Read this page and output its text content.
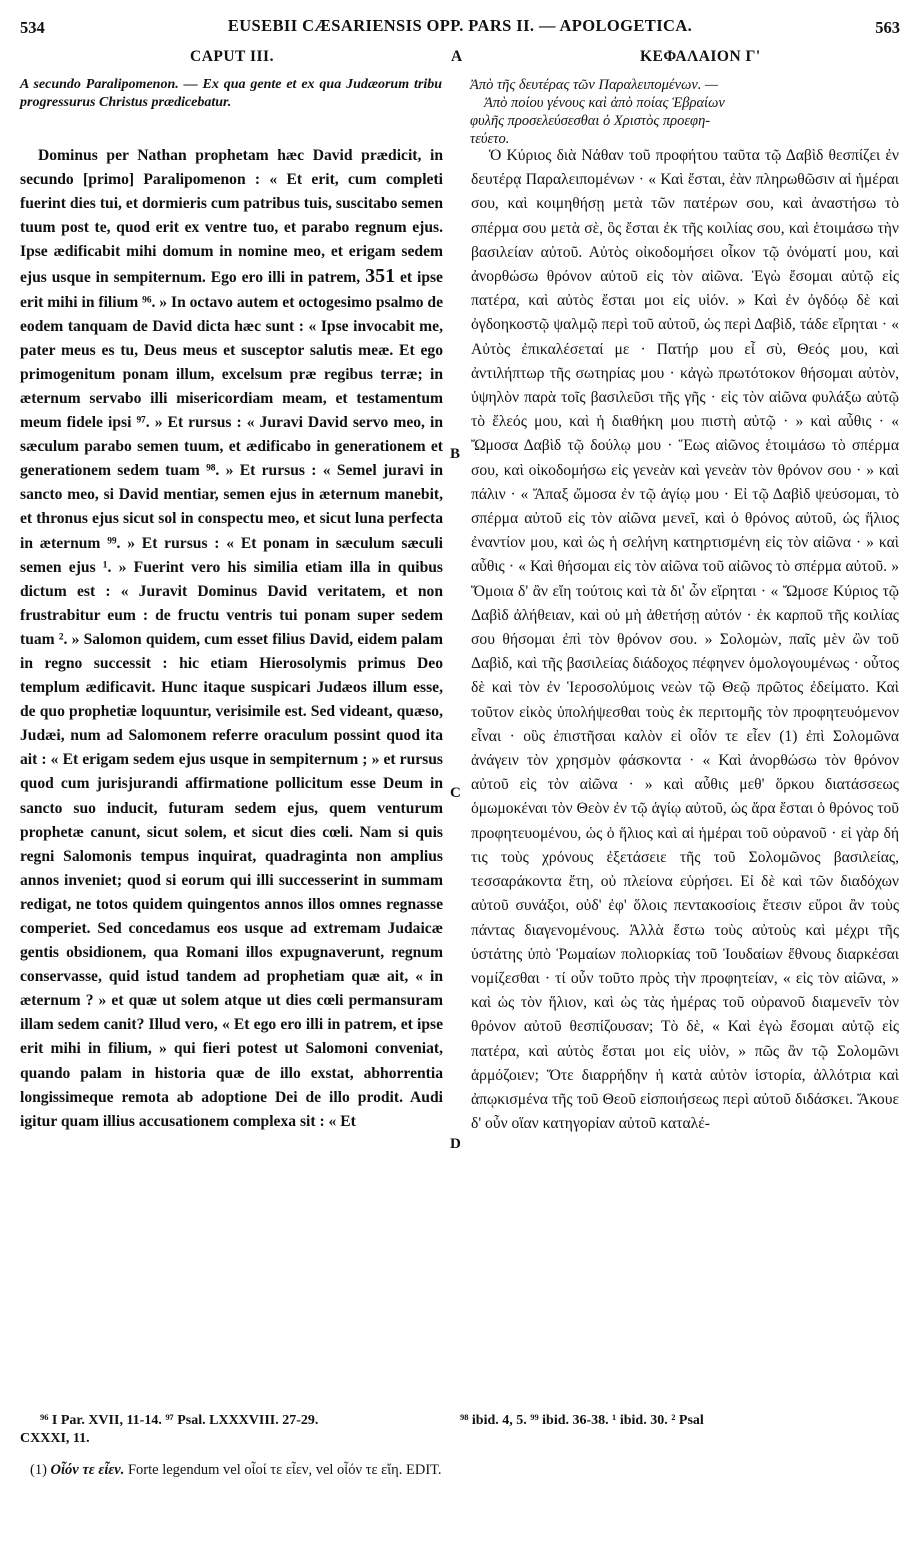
534	EUSEBII CÆSARIENSIS OPP. PARS II. — APOLOGETICA.	563
CAPUT III.	A	ΚΕΦΑΛΑΙΟΝ Γ'
A secundo Paralipomenon. — Ex qua gente et ex qua Judæorum tribu progressurus Christus prædicebatur.

Ἀπὸ τῆς δευτέρας τῶν Παραλειπομένων. —

Ἀπὸ ποίου γένους καὶ ἀπὸ ποίας Ἑβραίων

φυλῆς προσελεύσεσθαι ὁ Χριστὸς προεφη-

τεύετο.

Dominus per Nathan prophetam hæc David prædicit, in secundo [primo] Paralipomenon : « Et erit, cum completi fuerint dies tui, et dormieris cum patribus tuis, suscitabo semen tuum post te, quod erit ex ventre tuo, et parabo regnum ejus. Ipse ædificabit mihi domum in nomine meo, et erigam sedem ejus usque in sempiternum. Ego ero illi in patrem, 351 et ipse erit mihi in filium ⁹⁶. » In octavo autem et octogesimo psalmo de eodem tanquam de David dicta hæc sunt : « Ipse invocabit me, pater meus es tu, Deus meus et susceptor salutis meæ. Et ego primogenitum ponam illum, excelsum præ regibus terræ; in æternum servabo illi misericordiam meam, et testamentum meum fidele ipsi ⁹⁷. » Et rursus : « Juravi David servo meo, in sæculum parabo semen tuum, et ædificabo in generationem et generationem sedem tuam ⁹⁸. » Et rursus : « Semel juravi in sancto meo, si David mentiar, semen ejus in æternum manebit, et thronus ejus sicut sol in conspectu meo, et sicut luna perfecta in æternum ⁹⁹. » Et rursus : « Et ponam in sæculum sæculi semen ejus ¹. » Fuerint vero his similia etiam illa in quibus dictum est : « Juravit Dominus David veritatem, et non frustrabitur eum : de fructu ventris tui ponam super sedem tuam ². » Salomon quidem, cum esset filius David, eidem palam in regno successit : hic etiam Hierosolymis primus Deo templum ædificavit. Hunc itaque suspicari Judæos illum esse, de quo prophetiæ loquuntur, verisimile est. Sed videant, quæso, Judæi, num ad Salomonem referre oraculum possint quod ita ait : « Et erigam sedem ejus usque in sempiternum ; » et rursus quod cum jurisjurandi affirmatione pollicitum esse Deum in sancto suo inducit, futuram sedem ejus, quem venturum prophetæ canunt, sicut solem, et sicut dies cœli. Nam si quis regni Salomonis tempus inquirat, quadraginta non amplius annos inveniet; quod si eorum qui illi successerint in summam redigat, ne totos quidem quingentos annos illos omnes regnasse comperiet. Sed concedamus eos usque ad extremam Judaicæ gentis obsidionem, qua Romani illos expugnaverunt, regnum conservasse, quid istud tandem ad prophetiam quæ ait, « in æternum ? » et quæ ut solem atque ut dies cœli permansuram illam sedem canit? Illud vero, « Et ego ero illi in patrem, et ipse erit mihi in filium, » qui fieri potest ut Salomoni conveniat, quando palam in historia quæ de illo exstat, abhorrentia longissimeque remota ab adoptione Dei de illo prodit. Audi igitur quam illius accusationem complexa sit : « Et

Ὁ Κύριος διὰ Νάθαν τοῦ προφήτου ταῦτα τῷ Δαβὶδ θεσπίζει ἐν δευτέρᾳ Παραλειπομένων · « Καὶ ἔσται, ἐὰν πληρωθῶσιν αἱ ἡμέραι σου, καὶ κοιμηθήσῃ μετὰ τῶν πατέρων σου, καὶ ἀναστήσω τὸ σπέρμα σου μετὰ σὲ, ὃς ἔσται ἐκ τῆς κοιλίας σου, καὶ ἑτοιμάσω τὴν βασιλείαν αὐτοῦ. Αὐτὸς οἰκοδομήσει οἶκον τῷ ὀνόματί μου, καὶ ἀνορθώσω θρόνον αὐτοῦ εἰς τὸν αἰῶνα. Ἐγὼ ἔσομαι αὐτῷ εἰς πατέρα, καὶ αὐτὸς ἔσται μοι εἰς υἱόν. » Καὶ ἐν ὀγδόῳ δὲ καὶ ὀγδοηκοστῷ ψαλμῷ περὶ τοῦ αὐτοῦ, ὡς περὶ Δαβὶδ, τάδε εἴρηται · « Αὐτὸς ἐπικαλέσεταί με · Πατήρ μου εἶ σὺ, Θεός μου, καὶ ἀντιλήπτωρ τῆς σωτηρίας μου · κἀγὼ πρωτότοκον θήσομαι αὐτὸν, ὑψηλὸν παρὰ τοῖς βασιλεῦσι τῆς γῆς · εἰς τὸν αἰῶνα φυλάξω αὐτῷ τὸ ἔλεός μου, καὶ ἡ διαθήκη μου πιστὴ αὐτῷ · » καὶ αὖθις · « Ὤμοσα Δαβὶδ τῷ δούλῳ μου · Ἕως αἰῶνος ἑτοιμάσω τὸ σπέρμα σου, καὶ οἰκοδομήσω εἰς γενεὰν καὶ γενεὰν τὸν θρόνον σου · » καὶ πάλιν · « Ἅπαξ ὤμοσα ἐν τῷ ἁγίῳ μου · Εἰ τῷ Δαβὶδ ψεύσομαι, τὸ σπέρμα αὐτοῦ εἰς τὸν αἰῶνα μενεῖ, καὶ ὁ θρόνος αὐτοῦ, ὡς ἥλιος ἐναντίον μου, καὶ ὡς ἡ σελήνη κατηρτισμένη εἰς τὸν αἰῶνα · » καὶ αὖθις · « Καὶ θήσομαι εἰς τὸν αἰῶνα τοῦ αἰῶνος τὸ σπέρμα αὐτοῦ. » Ὅμοια δ' ἂν εἴη τούτοις καὶ τὰ δι' ὧν εἴρηται · « Ὤμοσε Κύριος τῷ Δαβὶδ ἀλήθειαν, καὶ οὐ μὴ ἀθετήσῃ αὐτόν · ἐκ καρποῦ τῆς κοιλίας σου θήσομαι ἐπὶ τὸν θρόνον σου. » Σολομὼν, παῖς μὲν ὢν τοῦ Δαβὶδ, καὶ τῆς βασιλείας διάδοχος πέφηνεν ὁμολογουμένως · οὗτος δὲ καὶ τὸν ἐν Ἱεροσολύμοις νεὼν τῷ Θεῷ πρῶτος ἐδείματο. Καὶ τοῦτον εἰκὸς ὑπολήψεσθαι τοὺς ἐκ περιτομῆς τὸν προφητευόμενον εἶναι · οὓς ἐπιστῆσαι καλὸν εἰ οἷόν τε εἶεν (1) ἐπὶ Σολομῶνα ἀνάγειν τὸν χρησμὸν φάσκοντα · « Καὶ ἀνορθώσω τὸν θρόνον αὐτοῦ εἰς τὸν αἰῶνα · » καὶ αὖθις μεθ' ὅρκου διατάσσεως ὁμωμοκέναι τὸν Θεὸν ἐν τῷ ἁγίῳ αὐτοῦ, ὡς ἄρα ἔσται ὁ θρόνος τοῦ προφητευομένου, ὡς ὁ ἥλιος καὶ αἱ ἡμέραι τοῦ οὐρανοῦ · εἰ γὰρ δή τις τοὺς χρόνους ἐξετάσειε τῆς τοῦ Σολομῶνος βασιλείας, τεσσαράκοντα ἔτη, οὐ πλείονα εὑρήσει. Εἰ δὲ καὶ τῶν διαδόχων αὐτοῦ συνάξοι, οὐδ' ἐφ' ὅλοις πεντακοσίοις ἔτεσιν εὕροι ἂν τοὺς πάντας διαγενομένους. Ἀλλὰ ἔστω τοὺς αὐτοὺς καὶ μέχρι τῆς ὑστάτης ὑπὸ Ῥωμαίων πολιορκίας τοῦ Ἰουδαίων ἔθνους διαρκέσαι νομίζεσθαι · τί οὖν τοῦτο πρὸς τὴν προφητείαν, « εἰς τὸν αἰῶνα, » καὶ ὡς τὸν ἥλιον, καὶ ὡς τὰς ἡμέρας τοῦ οὐρανοῦ διαμενεῖν τὸν θρόνον αὐτοῦ θεσπίζουσαν; Τὸ δὲ, « Καὶ ἐγὼ ἔσομαι αὐτῷ εἰς πατέρα, καὶ αὐτὸς ἔσται μοι εἰς υἱὸν, » πῶς ἂν τῷ Σολομῶνι ἁρμόζοιεν; Ὅτε διαρρήδην ἡ κατὰ αὐτὸν ἱστορία, ἀλλότρια καὶ ἀπῳκισμένα τῆς τοῦ Θεοῦ εἰσποιήσεως περὶ αὐτοῦ διδάσκει. Ἄκουε δ' οὖν οἵαν κατηγορίαν αὐτοῦ καταλέ-

B
C
D
⁹⁶ I Par. XVII, 11-14. ⁹⁷ Psal. LXXXVIII. 27-29.	⁹⁸ ibid. 4, 5. ⁹⁹ ibid. 36-38. ¹ ibid. 30. ² Psal
CXXXI, 11.
(1) Οἷόν τε εἶεν. Forte legendum vel οἷοί τε εἶεν, vel οἷόν τε εἴη. EDIT.
